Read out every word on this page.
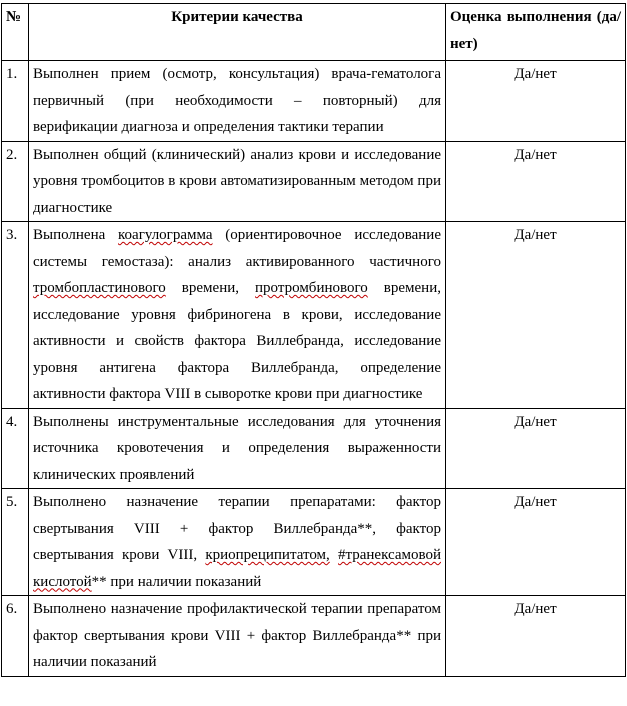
№	Критерии качества	Оценка выполнения (да/нет)
1.	Выполнен прием (осмотр, консультация) врача-гематолога первичный (при необходимости – повторный) для верификации диагноза и определения тактики терапии	Да/нет
2.	Выполнен общий (клинический) анализ крови и исследование уровня тромбоцитов в крови автоматизированным методом при диагностике	Да/нет
3.	Выполнена коагулограмма (ориентировочное исследование системы гемостаза): анализ активированного частичного тромбопластинового времени, протромбинового времени, исследование уровня фибриногена в крови, исследование активности и свойств фактора Виллебранда, исследование уровня антигена фактора Виллебранда, определение активности фактора VIII в сыворотке крови при диагностике	Да/нет
4.	Выполнены инструментальные исследования для уточнения источника кровотечения и определения выраженности клинических проявлений	Да/нет
5.	Выполнено назначение терапии препаратами: фактор свертывания VIII + фактор Виллебранда**, фактор свертывания крови VIII, криопреципитатом, #транексамовой кислотой** при наличии показаний	Да/нет
6.	Выполнено назначение профилактической терапии препаратом фактор свертывания крови VIII + фактор Виллебранда** при наличии показаний	Да/нет
